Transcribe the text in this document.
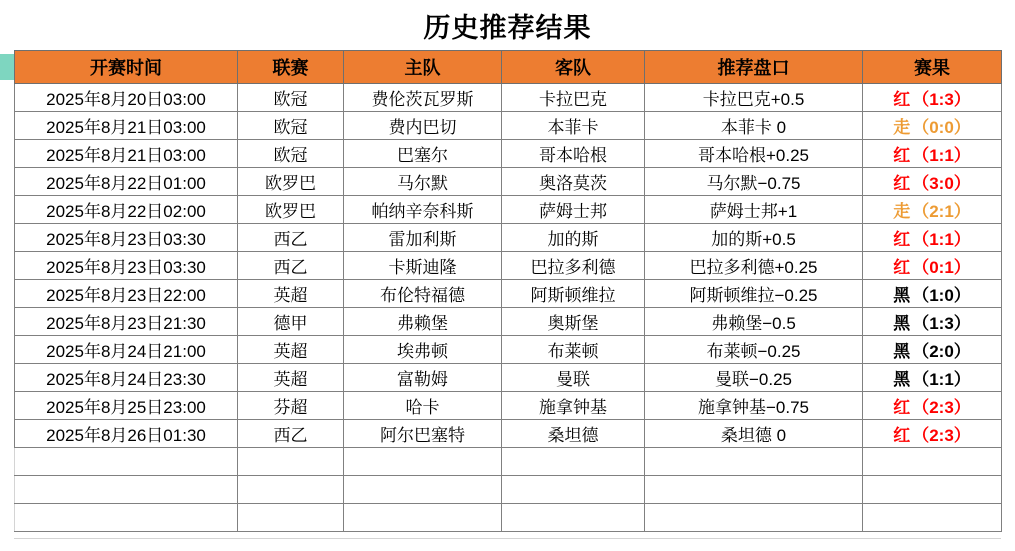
历史推荐结果
开赛时间	联赛	主队	客队	推荐盘口	赛果
2025年8月20日03:00	欧冠	费伦茨瓦罗斯	卡拉巴克	卡拉巴克+0.5	红 （1:3）
2025年8月21日03:00	欧冠	费内巴切	本菲卡	本菲卡 0	走 （0:0）
2025年8月21日03:00	欧冠	巴塞尔	哥本哈根	哥本哈根+0.25	红 （1:1）
2025年8月22日01:00	欧罗巴	马尔默	奥洛莫茨	马尔默−0.75	红 （3:0）
2025年8月22日02:00	欧罗巴	帕纳辛奈科斯	萨姆士邦	萨姆士邦+1	走 （2:1）
2025年8月23日03:30	西乙	雷加利斯	加的斯	加的斯+0.5	红 （1:1）
2025年8月23日03:30	西乙	卡斯迪隆	巴拉多利德	巴拉多利德+0.25	红 （0:1）
2025年8月23日22:00	英超	布伦特福德	阿斯顿维拉	阿斯顿维拉−0.25	黑 （1:0）
2025年8月23日21:30	德甲	弗赖堡	奥斯堡	弗赖堡−0.5	黑 （1:3）
2025年8月24日21:00	英超	埃弗顿	布莱顿	布莱顿−0.25	黑 （2:0）
2025年8月24日23:30	英超	富勒姆	曼联	曼联−0.25	黑 （1:1）
2025年8月25日23:00	芬超	哈卡	施拿钟基	施拿钟基−0.75	红 （2:3）
2025年8月26日01:30	西乙	阿尔巴塞特	桑坦德	桑坦德 0	红 （2:3）
